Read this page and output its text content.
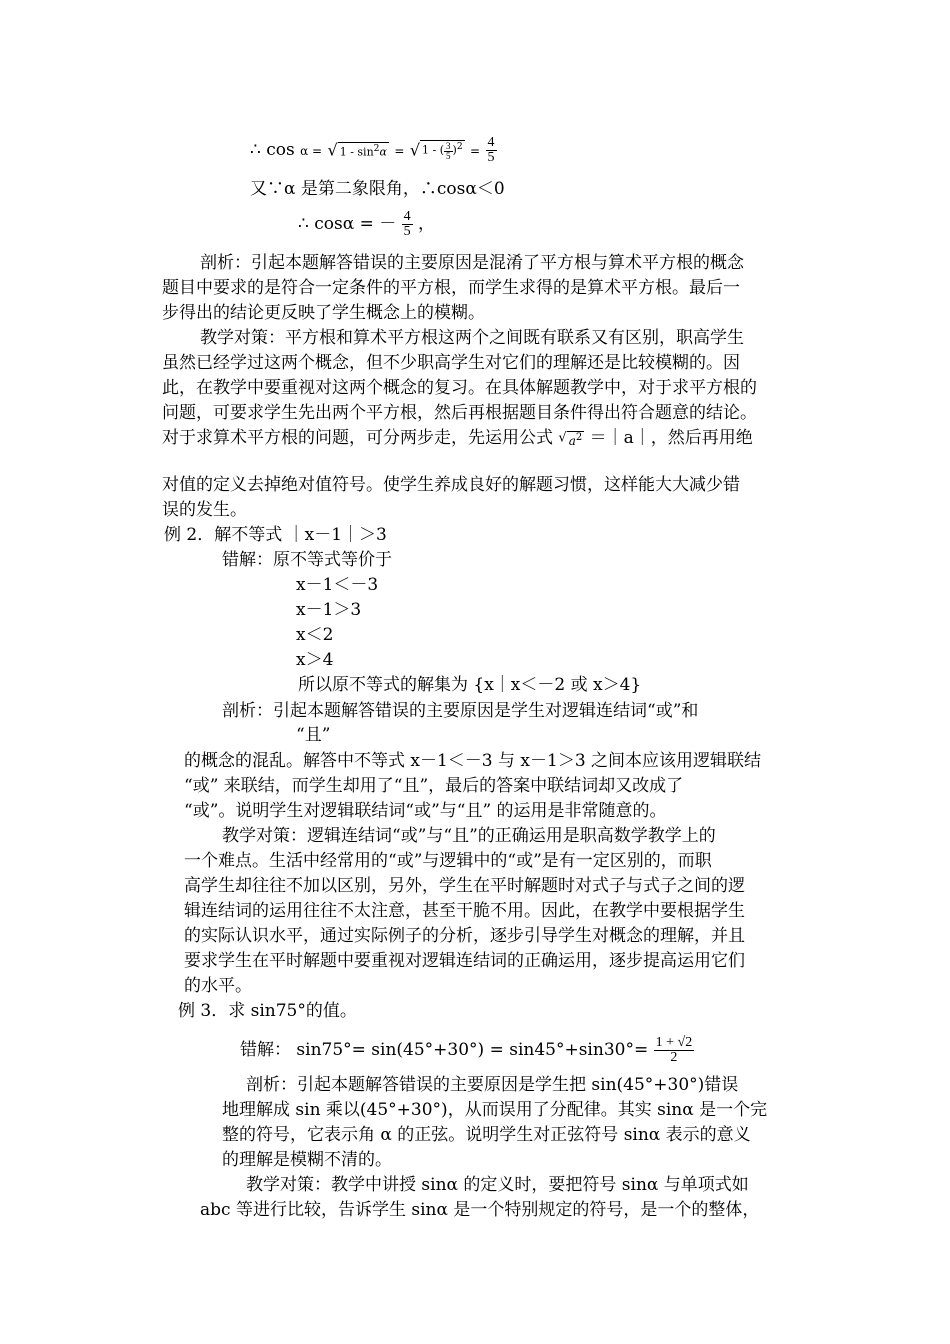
∴ cos α = √ $1 - \sin^2\alpha$ = √ 1 - ( $\frac{3}{5} )^2 = \frac{4}{5}$
又∵α 是第二象限角，∴cosα＜0
∴ cosα = － $\frac{4}{5}$ ，
剖析：引起本题解答错误的主要原因是混淆了平方根与算术平方根的概念
题目中要求的是符合一定条件的平方根，而学生求得的是算术平方根。最后一
步得出的结论更反映了学生概念上的模糊。
教学对策：平方根和算术平方根这两个之间既有联系又有区别，职高学生
虽然已经学过这两个概念，但不少职高学生对它们的理解还是比较模糊的。因
此，在教学中要重视对这两个概念的复习。在具体解题教学中，对于求平方根的
问题，可要求学生先出两个平方根，然后再根据题目条件得出符合题意的结论。
对于求算术平方根的问题，可分两步走，先运用公式 √ $a^2$ ＝｜a｜，然后再用绝
对值的定义去掉绝对值符号。使学生养成良好的解题习惯，这样能大大减少错
误的发生。
例 2．解不等式 ｜x－1｜＞3
错解：原不等式等价于
x－1＜－3
x－1＞3
x＜2
x＞4
所以原不等式的解集为 {x｜x＜－2 或 x＞4}
剖析：引起本题解答错误的主要原因是学生对逻辑连结词“或”和
“且”
的概念的混乱。解答中不等式 x－1＜－3 与 x－1＞3 之间本应该用逻辑联结
“或” 来联结，而学生却用了“且”，最后的答案中联结词却又改成了
“或”。说明学生对逻辑联结词“或”与“且” 的运用是非常随意的。
教学对策：逻辑连结词“或”与“且”的正确运用是职高数学教学上的
一个难点。生活中经常用的“或”与逻辑中的“或”是有一定区别的，而职
高学生却往往不加以区别，另外，学生在平时解题时对式子与式子之间的逻
辑连结词的运用往往不太注意，甚至干脆不用。因此，在教学中要根据学生
的实际认识水平，通过实际例子的分析，逐步引导学生对概念的理解，并且
要求学生在平时解题中要重视对逻辑连结词的正确运用，逐步提高运用它们
的水平。
例 3．求 sin75°的值。
错解： $\sin 75^\circ= \sin(45^\circ+30^\circ) = \sin 45^\circ+\sin 30^\circ= \frac{1 + √2}{2}$
剖析：引起本题解答错误的主要原因是学生把 sin(45°+30°)错误
地理解成 sin 乘以(45°+30°)，从而误用了分配律。其实 sinα 是一个完
整的符号，它表示角 α 的正弦。说明学生对正弦符号 sinα 表示的意义
的理解是模糊不清的。
教学对策：教学中讲授 sinα 的定义时，要把符号 sinα 与单项式如
abc 等进行比较，告诉学生 sinα 是一个特别规定的符号，是一个的整体，
